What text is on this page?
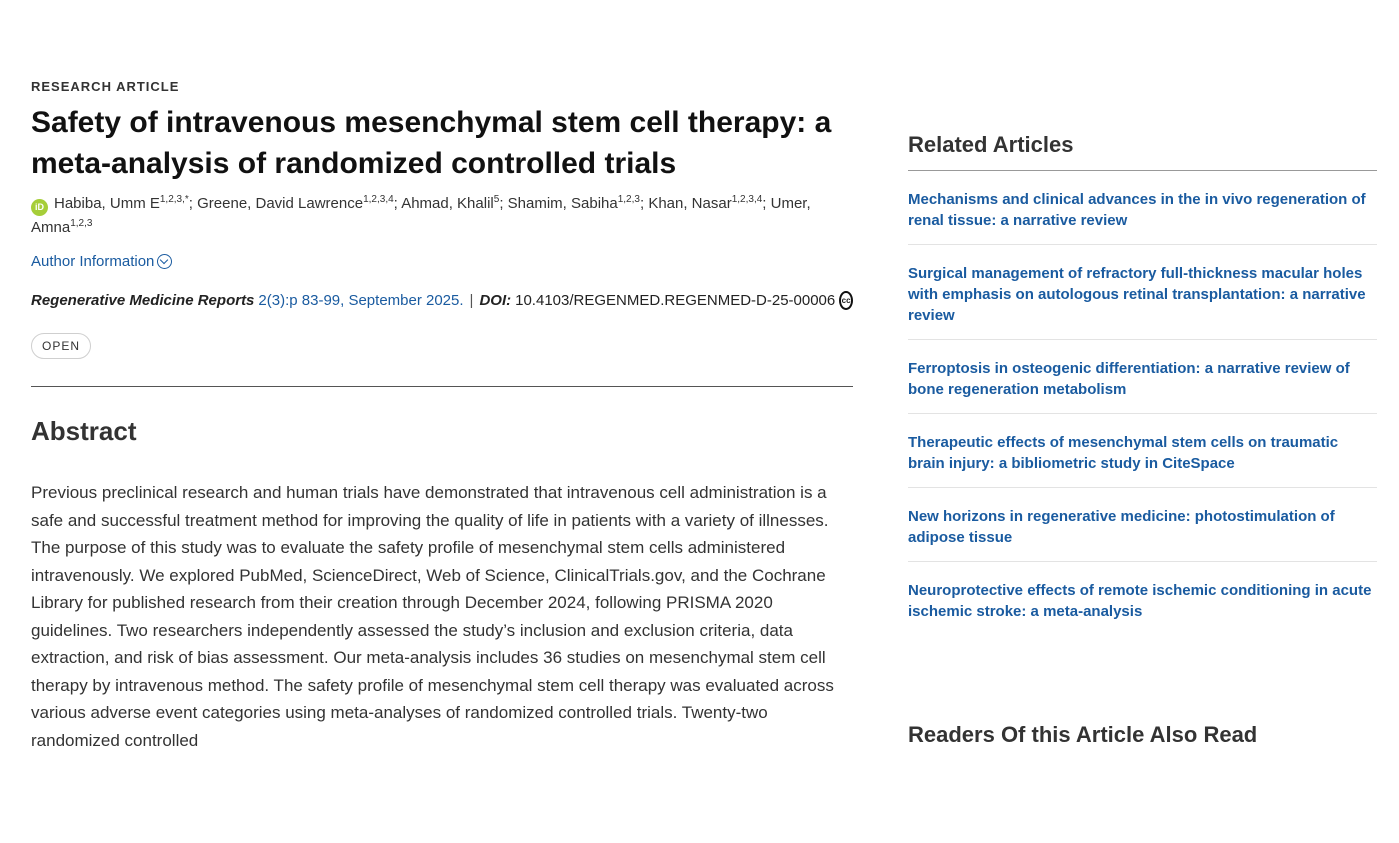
RESEARCH ARTICLE

Safety of intravenous mesenchymal stem cell therapy: a meta-analysis of randomized controlled trials
iD Habiba, Umm $E^{1,2,3,*}$; Greene, David Lawrence$^{1,2,3,4}$; Ahmad, Khalil$^5$; Shamim, Sabiha$^{1,2,3}$; Khan, Nasar$^{1,2,3,4}$; Umer, Amna$^{1,2,3}$
Author Information
Regenerative Medicine Reports 2(3):p 83-99, September 2025. | DOI: 10.4103/REGENMED.REGENMED-D-25-00006 cc
OPEN
Abstract
Previous preclinical research and human trials have demonstrated that intravenous cell administration is a safe and successful treatment method for improving the quality of life in patients with a variety of illnesses. The purpose of this study was to evaluate the safety profile of mesenchymal stem cells administered intravenously. We explored PubMed, ScienceDirect, Web of Science, ClinicalTrials.gov, and the Cochrane Library for published research from their creation through December 2024, following PRISMA 2020 guidelines. Two researchers independently assessed the study’s inclusion and exclusion criteria, data extraction, and risk of bias assessment. Our meta-analysis includes 36 studies on mesenchymal stem cell therapy by intravenous method. The safety profile of mesenchymal stem cell therapy was evaluated across various adverse event categories using meta-analyses of randomized controlled trials. Twenty-two randomized controlled
Related Articles
Mechanisms and clinical advances in the in vivo regeneration of renal tissue: a narrative review
Surgical management of refractory full-thickness macular holes with emphasis on autologous retinal transplantation: a narrative review
Ferroptosis in osteogenic differentiation: a narrative review of bone regeneration metabolism
Therapeutic effects of mesenchymal stem cells on traumatic brain injury: a bibliometric study in CiteSpace
New horizons in regenerative medicine: photostimulation of adipose tissue
Neuroprotective effects of remote ischemic conditioning in acute ischemic stroke: a meta-analysis
Readers Of this Article Also Read
